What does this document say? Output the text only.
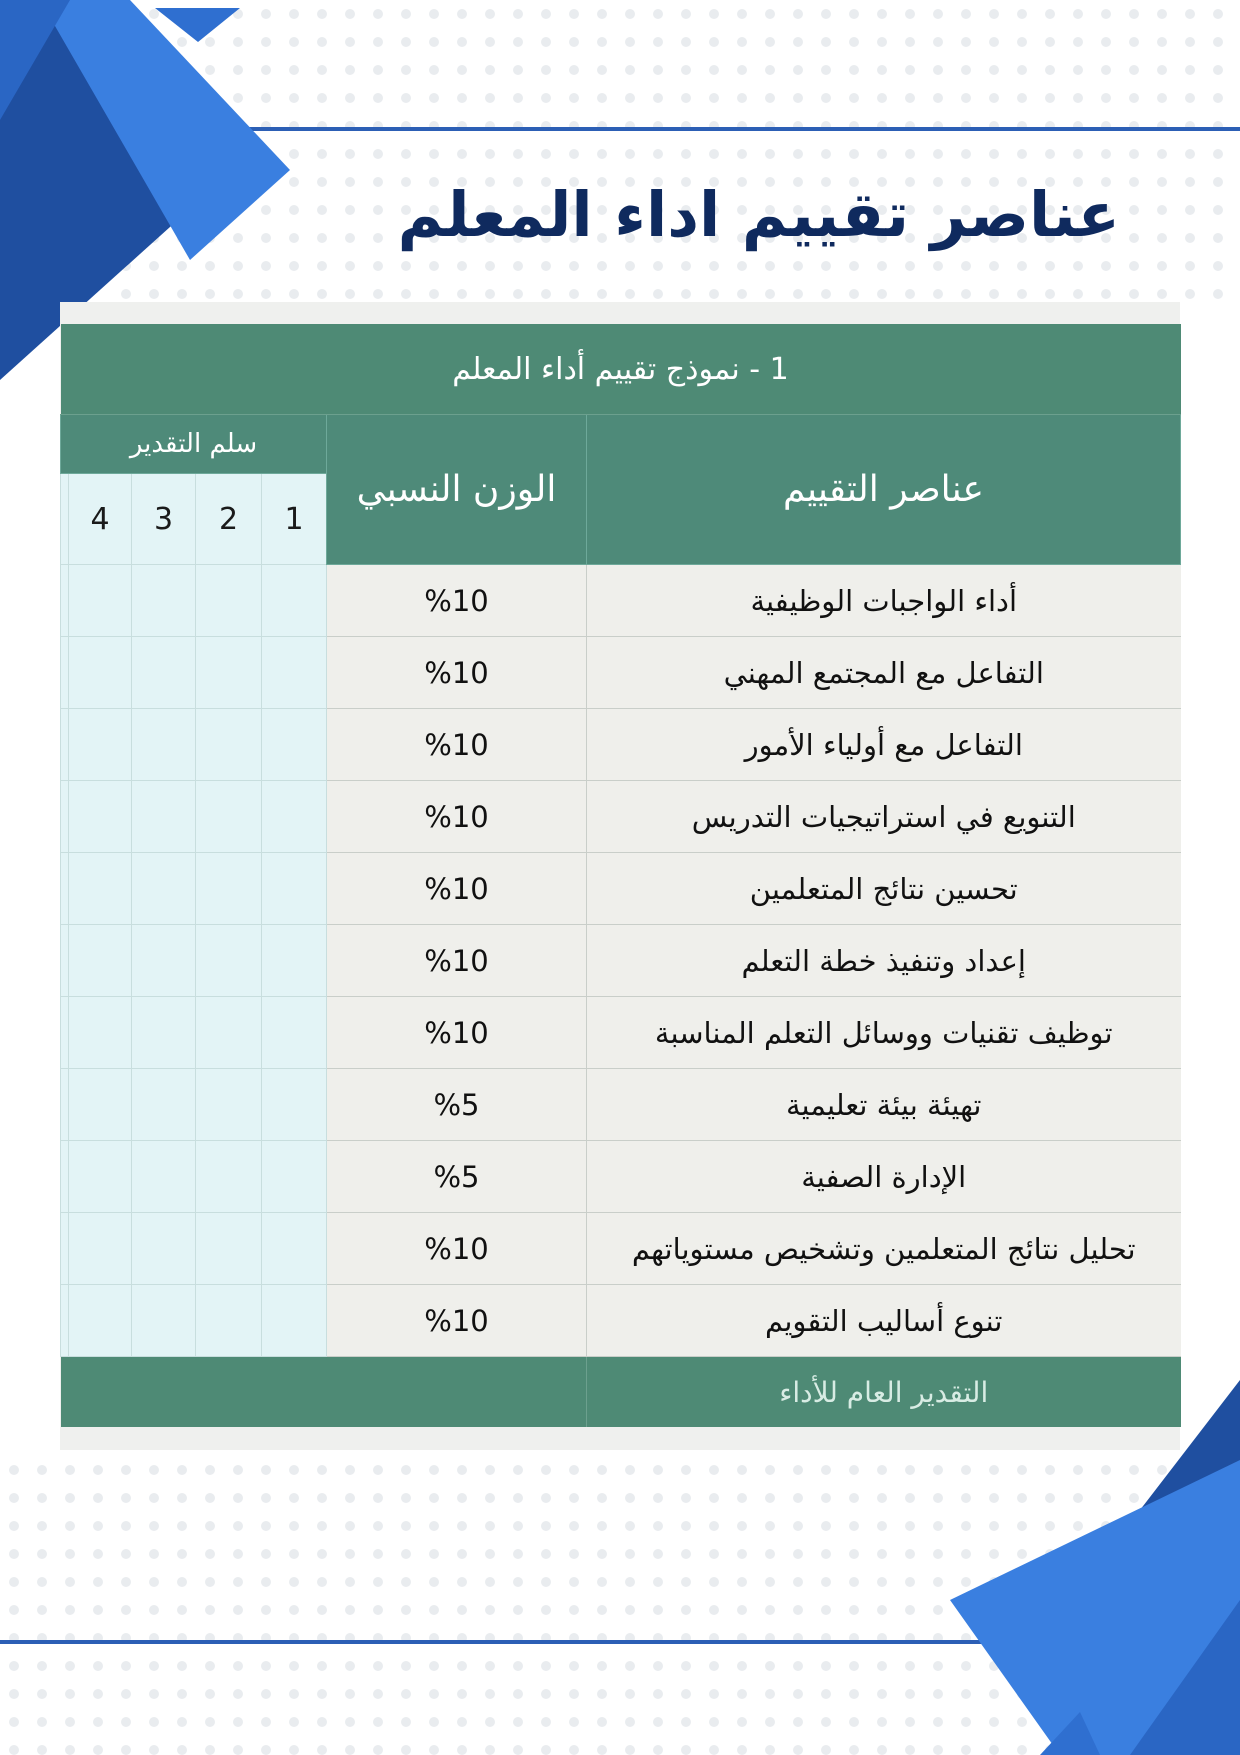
عناصر تقييم اداء المعلم
1 - نموذج تقييم أداء المعلم						
سلم التقدير					الوزن النسبي	عناصر التقييم
	4	3	2	1		
					%10	أداء الواجبات الوظيفية
					%10	التفاعل مع المجتمع المهني
					%10	التفاعل مع أولياء الأمور
					%10	التنويع في استراتيجيات التدريس
					%10	تحسين نتائج المتعلمين
					%10	إعداد وتنفيذ خطة التعلم
					%10	توظيف تقنيات ووسائل التعلم المناسبة
					%5	تهيئة بيئة تعليمية
					%5	الإدارة الصفية
					%10	تحليل نتائج المتعلمين وتشخيص مستوياتهم
					%10	تنوع أساليب التقويم
						التقدير العام للأداء
